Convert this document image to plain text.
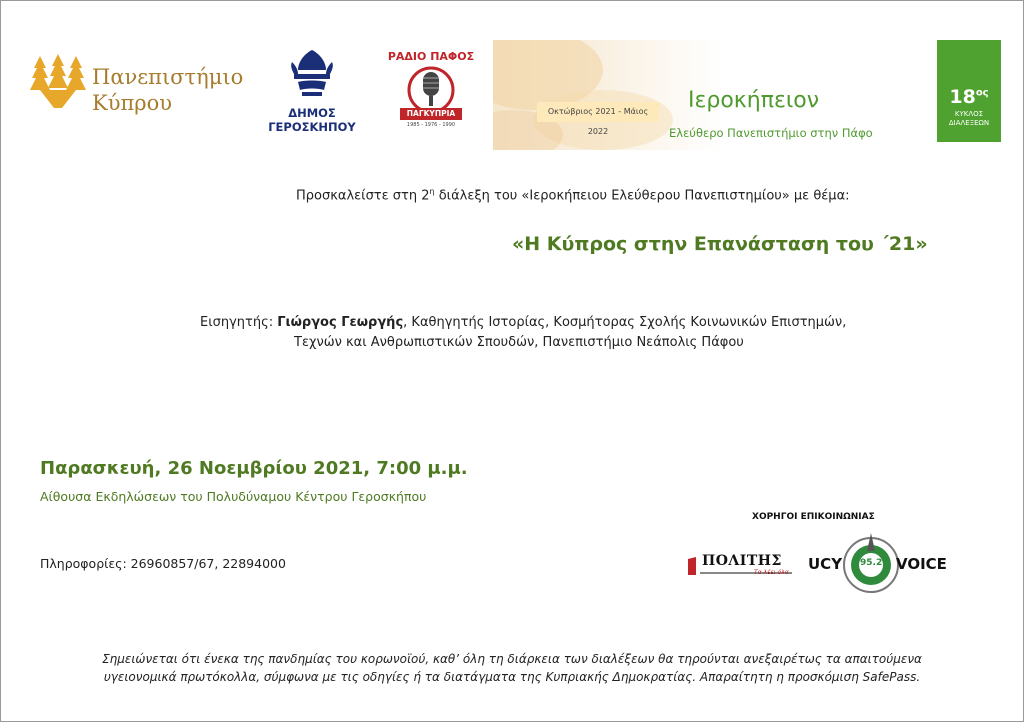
Πανεπιστήμιο
Κύπρου	ΔΗΜΟΣ
ΓΕΡΟΣΚΗΠΟΥ
ΡΑΔΙΟ ΠΑΦΟΣ
ΠΑΓΚΥΠΡΙΑ
1985 - 1976 - 1990
Οκτώβριος 2021 - Μάιος 2022
Ιεροκήπειον
Ελεύθερο Πανεπιστήμιο στην Πάφο
$18^{o\varsigma}$
ΚΥΚΛΟΣ
ΔΙΑΛΕΞΕΩΝ
Προσκαλείστε στη $2^\eta$ διάλεξη του «Ιεροκήπειου Ελεύθερου Πανεπιστημίου» με θέμα:
«Η Κύπρος στην Επανάσταση του ΄21»
Εισηγητής: Γιώργος Γεωργής, Καθηγητής Ιστορίας, Κοσμήτορας Σχολής Κοινωνικών Επιστημών,
Τεχνών και Ανθρωπιστικών Σπουδών, Πανεπιστήμιο Νεάπολις Πάφου
Παρασκευή, 26 Νοεμβρίου 2021, 7:00 μ.μ.
Αίθουσα Εκδηλώσεων του Πολυδύναμου Κέντρου Γεροσκήπου
Πληροφορίες: 26960857/67, 22894000
ΧΟΡΗΓΟΙ ΕΠΙΚΟΙΝΩΝΙΑΣ
ΠΟΛΙΤΗΣ
Τα λέει όλα UCY 95.2 VOICE
Σημειώνεται ότι ένεκα της πανδημίας του κορωνοϊού, καθ’ όλη τη διάρκεια των διαλέξεων θα τηρούνται ανεξαιρέτως τα απαιτούμενα
υγειονομικά πρωτόκολλα, σύμφωνα με τις οδηγίες ή τα διατάγματα της Κυπριακής Δημοκρατίας. Απαραίτητη η προσκόμιση SafePass.
